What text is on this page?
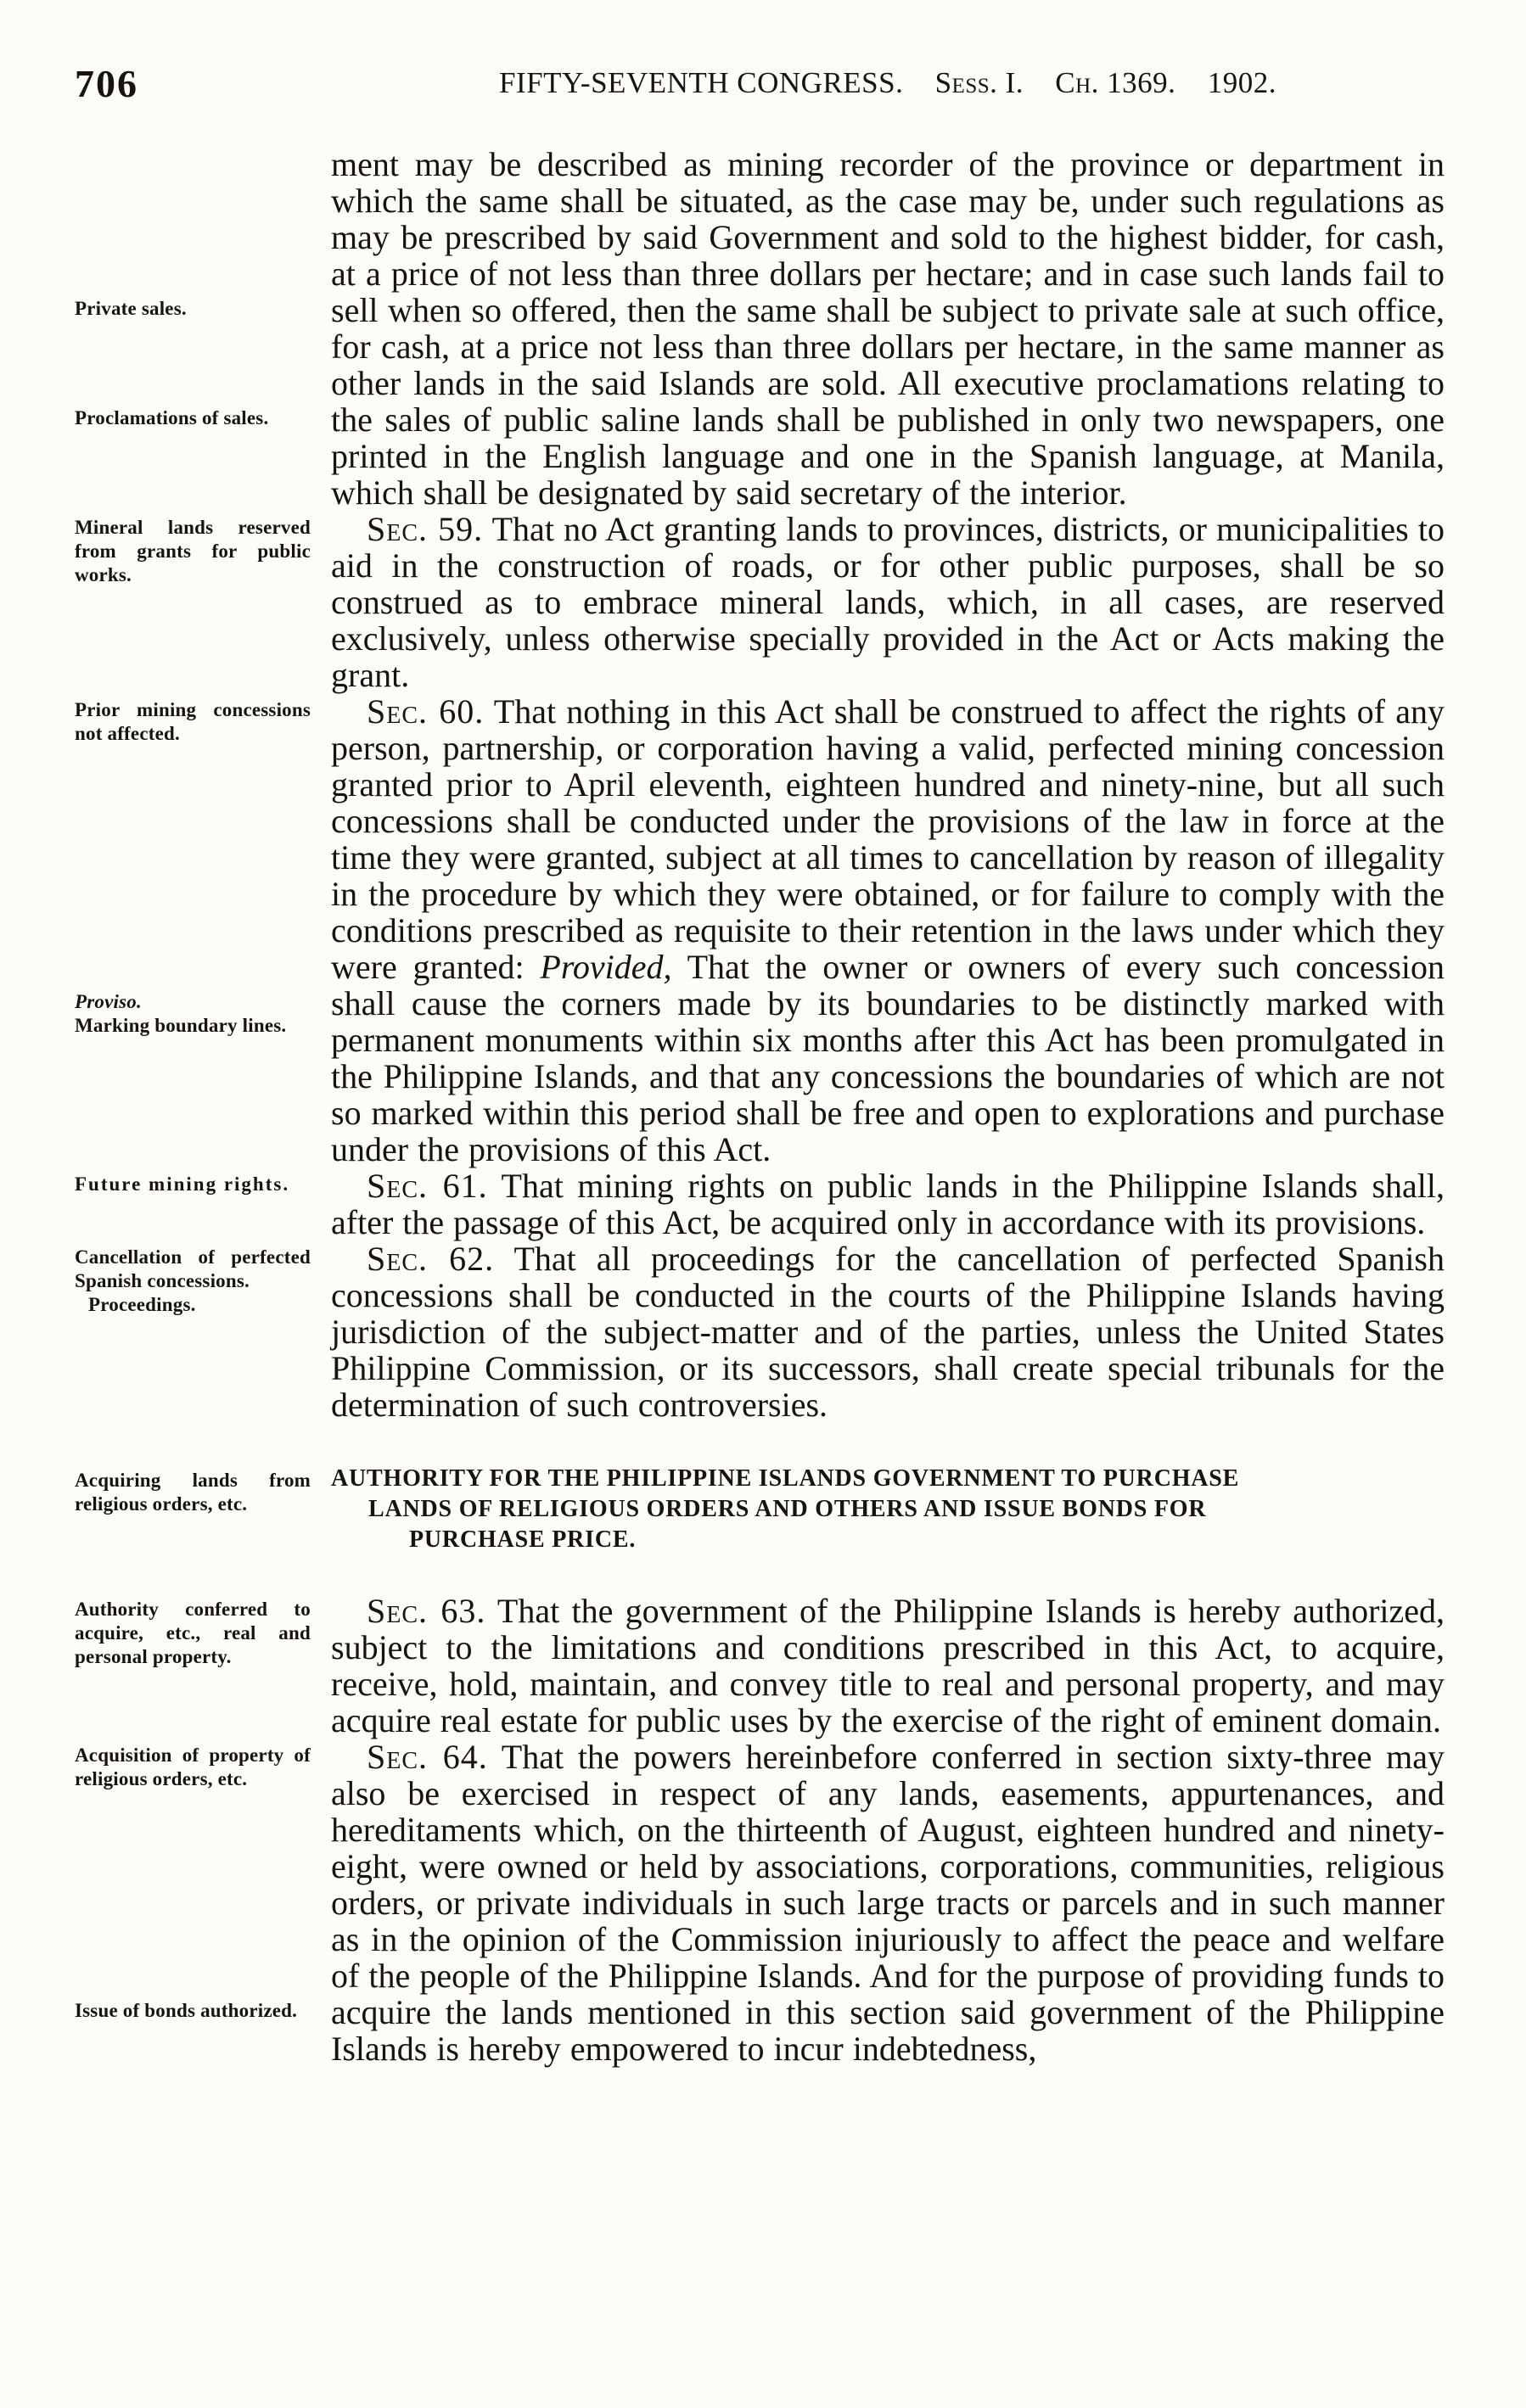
706	FIFTY-SEVENTH CONGRESS. Sess. I. Ch. 1369. 1902.
Private sales.
Proclamations of sales.

ment may be described as mining recorder of the province or department in which the same shall be situated, as the case may be, under such regulations as may be prescribed by said Government and sold to the highest bidder, for cash, at a price of not less than three dollars per hectare; and in case such lands fail to sell when so offered, then the same shall be subject to private sale at such office, for cash, at a price not less than three dollars per hectare, in the same manner as other lands in the said Islands are sold. All executive proclamations relating to the sales of public saline lands shall be published in only two newspapers, one printed in the English language and one in the Spanish language, at Manila, which shall be designated by said secretary of the interior.

Mineral lands reserved from grants for public works.

Sec. 59. That no Act granting lands to provinces, districts, or municipalities to aid in the construction of roads, or for other public purposes, shall be so construed as to embrace mineral lands, which, in all cases, are reserved exclusively, unless otherwise specially provided in the Act or Acts making the grant.

Prior mining concessions not affected.
Proviso.
Marking boundary lines.

Sec. 60. That nothing in this Act shall be construed to affect the rights of any person, partnership, or corporation having a valid, perfected mining concession granted prior to April eleventh, eighteen hundred and ninety-nine, but all such concessions shall be conducted under the provisions of the law in force at the time they were granted, subject at all times to cancellation by reason of illegality in the procedure by which they were obtained, or for failure to comply with the conditions prescribed as requisite to their retention in the laws under which they were granted: Provided, That the owner or owners of every such concession shall cause the corners made by its boundaries to be distinctly marked with permanent monuments within six months after this Act has been promulgated in the Philippine Islands, and that any concessions the boundaries of which are not so marked within this period shall be free and open to explorations and purchase under the provisions of this Act.

Future mining rights.	Sec. 61. That mining rights on public lands in the Philippine Islands shall, after the passage of this Act, be acquired only in accordance with its provisions.

Cancellation of perfected Spanish concessions.
Proceedings.

Sec. 62. That all proceedings for the cancellation of perfected Spanish concessions shall be conducted in the courts of the Philippine Islands having jurisdiction of the subject-matter and of the parties, unless the United States Philippine Commission, or its successors, shall create special tribunals for the determination of such controversies.

Acquiring lands from religious orders, etc.
AUTHORITY FOR THE PHILIPPINE ISLANDS GOVERNMENT TO PURCHASE
LANDS OF RELIGIOUS ORDERS AND OTHERS AND ISSUE BONDS FOR
PURCHASE PRICE.
Authority conferred to acquire, etc., real and personal property.

Sec. 63. That the government of the Philippine Islands is hereby authorized, subject to the limitations and conditions prescribed in this Act, to acquire, receive, hold, maintain, and convey title to real and personal property, and may acquire real estate for public uses by the exercise of the right of eminent domain.

Acquisition of property of religious orders, etc.
Issue of bonds authorized.

Sec. 64. That the powers hereinbefore conferred in section sixty-three may also be exercised in respect of any lands, easements, appurtenances, and hereditaments which, on the thirteenth of August, eighteen hundred and ninety-eight, were owned or held by associations, corporations, communities, religious orders, or private individuals in such large tracts or parcels and in such manner as in the opinion of the Commission injuriously to affect the peace and welfare of the people of the Philippine Islands. And for the purpose of providing funds to acquire the lands mentioned in this section said government of the Philippine Islands is hereby empowered to incur indebtedness,
